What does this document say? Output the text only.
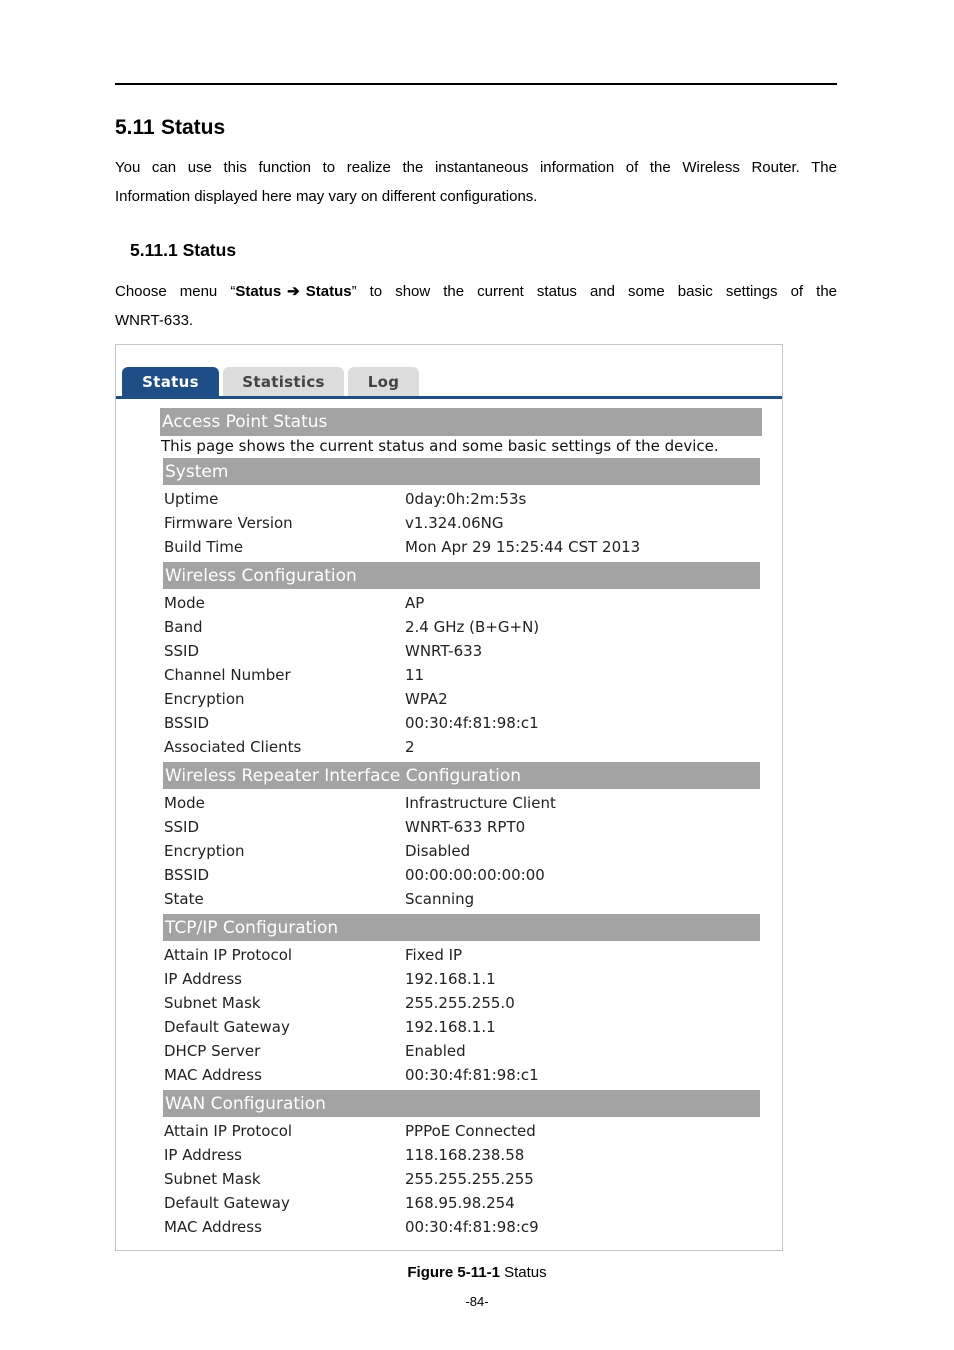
5.11 Status
You can use this function to realize the instantaneous information of the Wireless Router. The
Information displayed here may vary on different configurations.
5.11.1 Status
Choose menu “Status ➔ Status” to show the current status and some basic settings of the
WNRT-633.
Status	Statistics	Log
Access Point Status
This page shows the current status and some basic settings of the device.
System
Uptime	0day:0h:2m:53s
Firmware Version	v1.324.06NG
Build Time	Mon Apr 29 15:25:44 CST 2013
Wireless Configuration
Mode	AP
Band	2.4 GHz (B+G+N)
SSID	WNRT-633
Channel Number	11
Encryption	WPA2
BSSID	00:30:4f:81:98:c1
Associated Clients	2
Wireless Repeater Interface Configuration
Mode	Infrastructure Client
SSID	WNRT-633 RPT0
Encryption	Disabled
BSSID	00:00:00:00:00:00
State	Scanning
TCP/IP Configuration
Attain IP Protocol	Fixed IP
IP Address	192.168.1.1
Subnet Mask	255.255.255.0
Default Gateway	192.168.1.1
DHCP Server	Enabled
MAC Address	00:30:4f:81:98:c1
WAN Configuration
Attain IP Protocol	PPPoE Connected
IP Address	118.168.238.58
Subnet Mask	255.255.255.255
Default Gateway	168.95.98.254
MAC Address	00:30:4f:81:98:c9
Figure 5-11-1 Status
-84-
